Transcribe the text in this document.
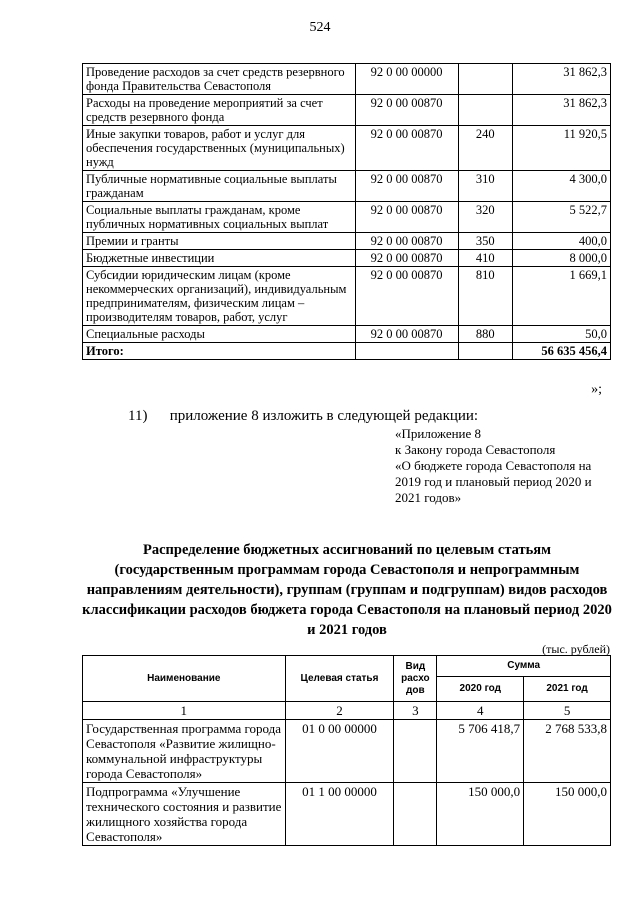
524
Проведение расходов за счет средств резервного фонда Правительства Севастополя	92 0 00 00000		31 862,3
Расходы на проведение мероприятий за счет средств резервного фонда	92 0 00 00870		31 862,3
Иные закупки товаров, работ и услуг для обеспечения государственных (муниципальных) нужд	92 0 00 00870	240	11 920,5
Публичные нормативные социальные выплаты гражданам	92 0 00 00870	310	4 300,0
Социальные выплаты гражданам, кроме публичных нормативных социальных выплат	92 0 00 00870	320	5 522,7
Премии и гранты	92 0 00 00870	350	400,0
Бюджетные инвестиции	92 0 00 00870	410	8 000,0
Субсидии юридическим лицам (кроме некоммерческих организаций), индивидуальным предпринимателям, физическим лицам – производителям товаров, работ, услуг	92 0 00 00870	810	1 669,1
Специальные расходы	92 0 00 00870	880	50,0
Итого:			56 635 456,4
»;
11) приложение 8 изложить в следующей редакции:
«Приложение 8
к Закону города Севастополя
«О бюджете города Севастополя на 2019 год и плановый период 2020 и 2021 годов»
Распределение бюджетных ассигнований по целевым статьям (государственным программам города Севастополя и непрограммным направлениям деятельности), группам (группам и подгруппам) видов расходов классификации расходов бюджета города Севастополя на плановый период 2020 и 2021 годов
(тыс. рублей)
Наименование	Целевая статья	Вид расхо дов	Сумма	
			2020 год	2021 год
1	2	3	4	5
Государственная программа города Севастополя «Развитие жилищно-коммунальной инфраструктуры города Севастополя»	01 0 00 00000		5 706 418,7	2 768 533,8
Подпрограмма «Улучшение технического состояния и развитие жилищного хозяйства города Севастополя»	01 1 00 00000		150 000,0	150 000,0
